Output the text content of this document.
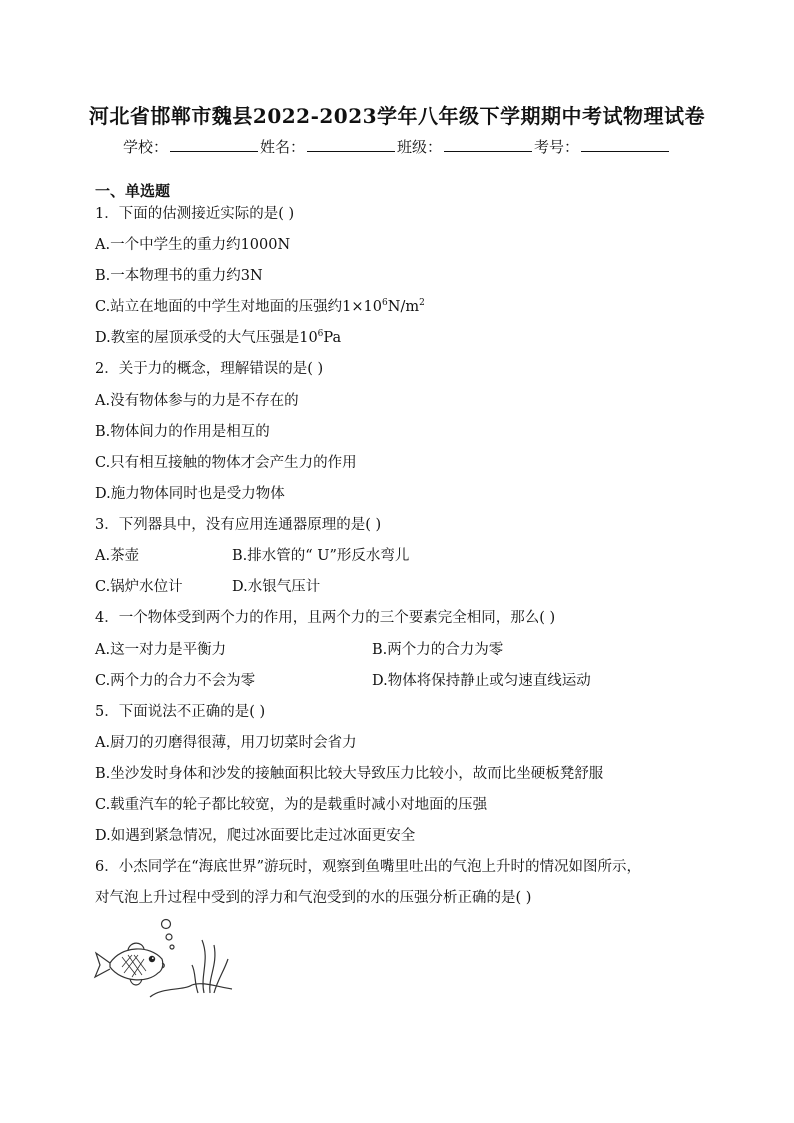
河北省邯郸市魏县2022-2023学年八年级下学期期中考试物理试卷
学校：	姓名：	班级：	考号：
一、单选题
1．下面的估测接近实际的是( )
A.一个中学生的重力约1000N
B.一本物理书的重力约3N
C.站立在地面的中学生对地面的压强约$1\times 10^6N/m^2$
D.教室的屋顶承受的大气压强是$10^6Pa$
2．关于力的概念，理解错误的是( )
A.没有物体参与的力是不存在的
B.物体间力的作用是相互的
C.只有相互接触的物体才会产生力的作用
D.施力物体同时也是受力物体
3．下列器具中，没有应用连通器原理的是( )
A.茶壶	B.排水管的“ U”形反水弯儿
C.锅炉水位计	D.水银气压计
4．一个物体受到两个力的作用，且两个力的三个要素完全相同，那么( )
A.这一对力是平衡力	B.两个力的合力为零
C.两个力的合力不会为零	D.物体将保持静止或匀速直线运动
5．下面说法不正确的是( )
A.厨刀的刃磨得很薄，用刀切菜时会省力
B.坐沙发时身体和沙发的接触面积比较大导致压力比较小，故而比坐硬板凳舒服
C.载重汽车的轮子都比较宽，为的是载重时减小对地面的压强
D.如遇到紧急情况，爬过冰面要比走过冰面更安全
6．小杰同学在“海底世界”游玩时，观察到鱼嘴里吐出的气泡上升时的情况如图所示，
对气泡上升过程中受到的浮力和气泡受到的水的压强分析正确的是( )
